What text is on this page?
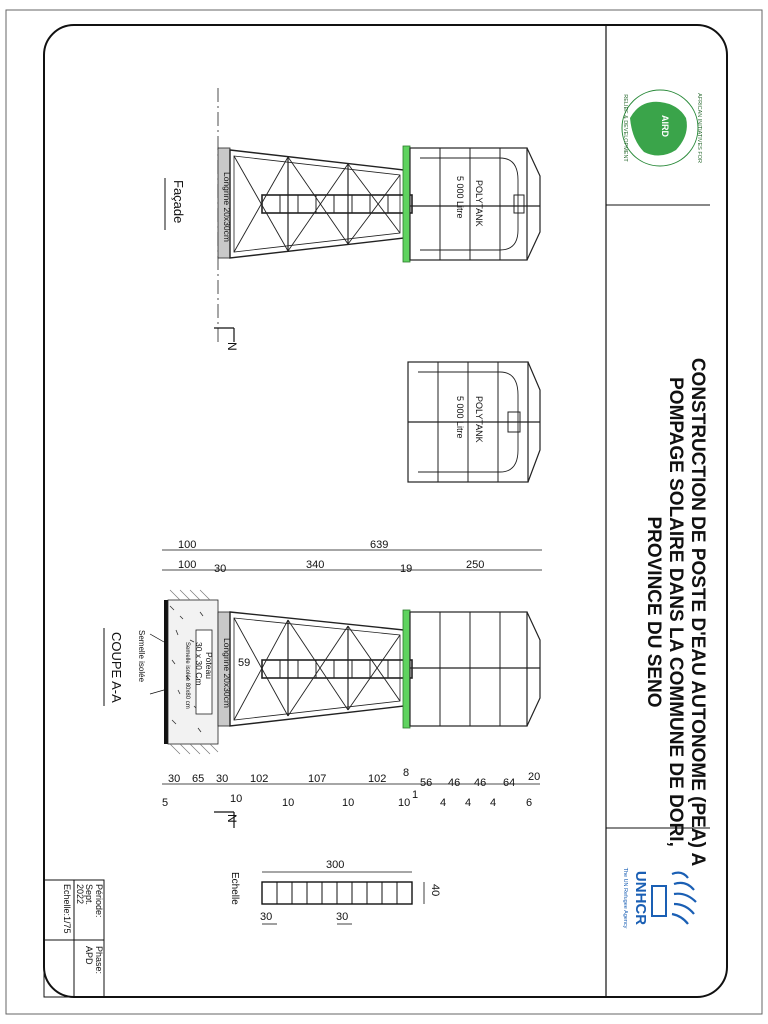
CONSTRUCTION DE POSTE D'EAU AUTONOME (PEA) A
POMPAGE SOLAIRE DANS LA COMMUNE DE DORI,
PROVINCE DU SENO
AIRD	AFRICAN INITIATIVES FOR
RELIEF & DEVELOPMENT
UNHCR
The UN Refugee Agency
Période:
Sept.
2022
Phase:
APD
Echelle:1/75
Longrine 20x30cm	POLYTANK
5 000 Litre
Façade
N
POLYTANK
5 000 Litre
100	639
100 30	340	19	250
Longrine 20x30cm
Poteau
30 x 30 Cm
Semelle isolée 80x80 cm
Semelle isolée	59
COUPE A-A
30 65 30 102	107	102 8
56 46 46 64 20
5	10	10	10	10
1
4 4 4	6
N
300
40
30	30
Echelle
